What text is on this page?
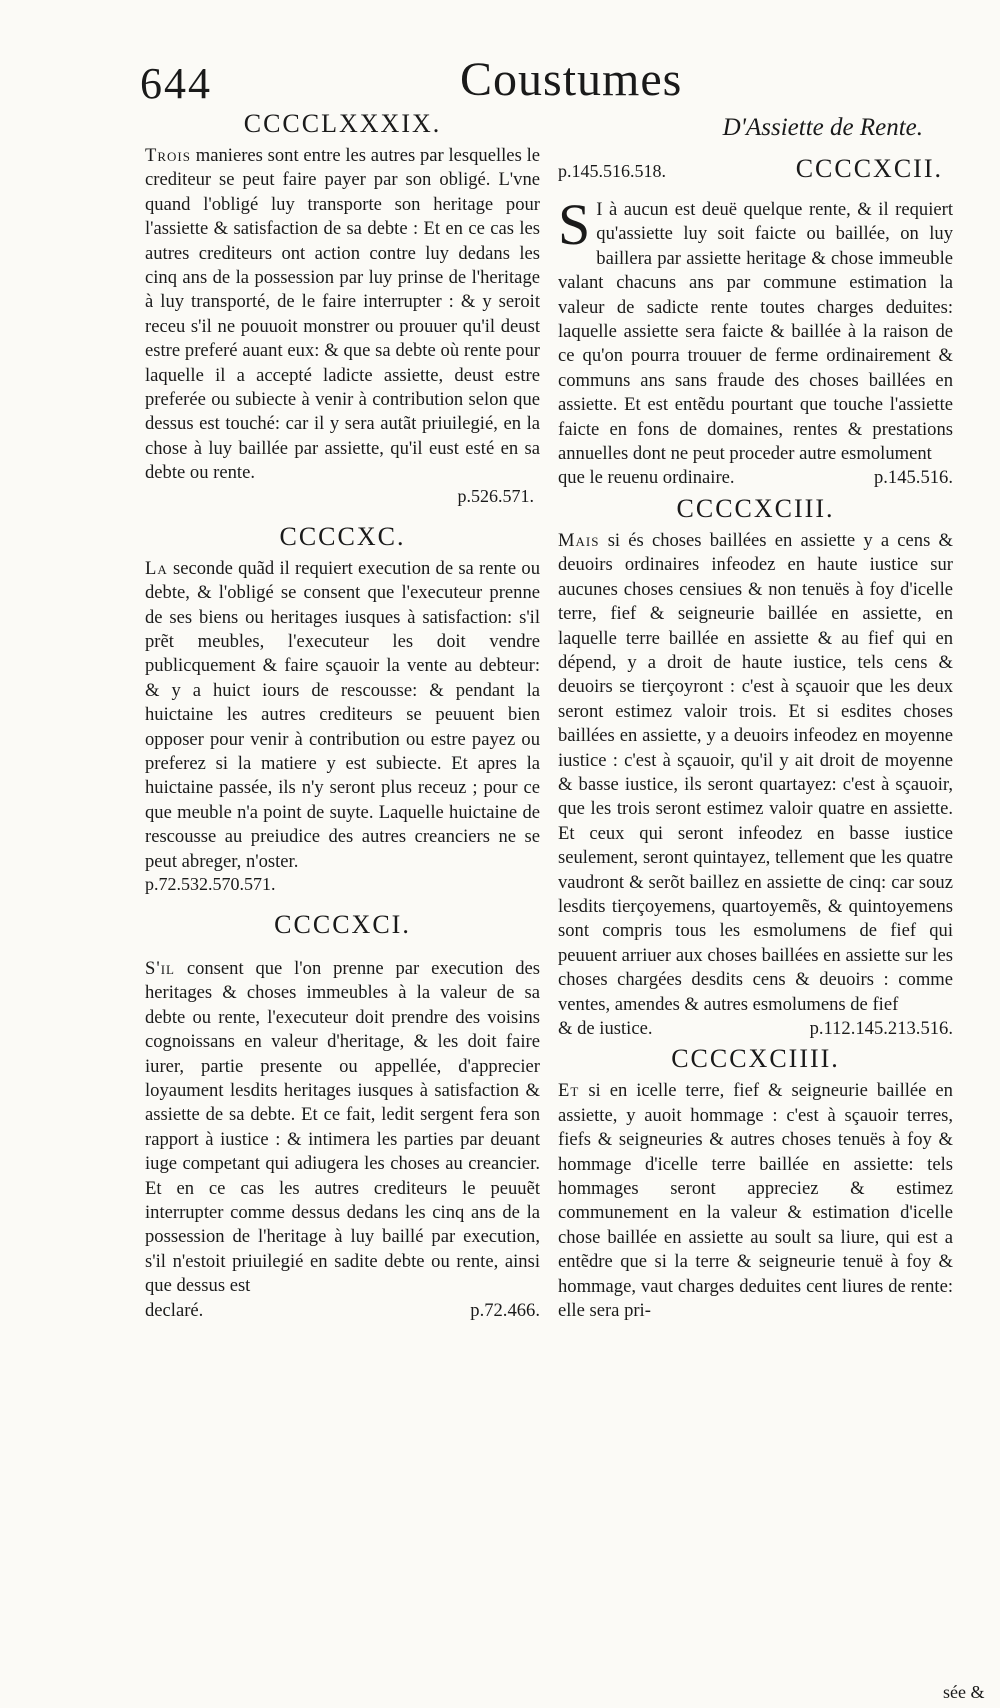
644	Coustumes
CCCCLXXXIX.

Trois manieres sont entre les autres par lesquelles le crediteur se peut faire payer par son obligé. L'vne quand l'obligé luy transporte son heritage pour l'assiette & satisfaction de sa debte : Et en ce cas les autres crediteurs ont action contre luy dedans les cinq ans de la possession par luy prinse de l'heritage à luy transporté, de le faire interrupter : & y seroit receu s'il ne pouuoit monstrer ou prouuer qu'il deust estre preferé auant eux: & que sa debte où rente pour laquelle il a accepté ladicte assiette, deust estre preferée ou subiecte à venir à contribution selon que dessus est touché: car il y sera autãt priuilegié, en la chose à luy baillée par assiette, qu'il eust esté en sa debte ou rente.

p.526.571.
CCCCXC.

La seconde quãd il requiert execution de sa rente ou debte, & l'obligé se consent que l'executeur prenne de ses biens ou heritages iusques à satisfaction: s'il prẽt meubles, l'executeur les doit vendre publicquement & faire sçauoir la vente au debteur: & y a huict iours de rescousse: & pendant la huictaine les autres crediteurs se peuuent bien opposer pour venir à contribution ou estre payez ou preferez si la matiere y est subiecte. Et apres la huictaine passée, ils n'y seront plus receuz ; pour ce que meuble n'a point de suyte. Laquelle huictaine de rescousse au preiudice des autres creanciers ne se peut abreger, n'oster.

p.72.532.570.571.
CCCCXCI.

S'il consent que l'on prenne par execution des heritages & choses immeubles à la valeur de sa debte ou rente, l'executeur doit prendre des voisins cognoissans en valeur d'heritage, & les doit faire iurer, partie presente ou appellée, d'apprecier loyaument lesdits heritages iusques à satisfaction & assiette de sa debte. Et ce fait, ledit sergent fera son rapport à iustice : & intimera les parties par deuant iuge competant qui adiugera les choses au creancier. Et en ce cas les autres crediteurs le peuuẽt interrupter comme dessus dedans les cinq ans de la possession de l'heritage à luy baillé par execution, s'il n'estoit priuilegié en sadite debte ou rente, ainsi que dessus est

declaré.	p.72.466.
D'Assiette de Rente.
p.145.516.518.	CCCCXCII.

S I à aucun est deuë quelque rente, & il requiert qu'assiette luy soit faicte ou baillée, on luy baillera par assiette heritage & chose immeuble valant chacuns ans par commune estimation la valeur de sadicte rente toutes charges deduites: laquelle assiette sera faicte & baillée à la raison de ce qu'on pourra trouuer de ferme ordinairement & communs ans sans fraude des choses baillées en assiette. Et est entẽdu pourtant que touche l'assiette faicte en fons de domaines, rentes & prestations annuelles dont ne peut proceder autre esmolument

que le reuenu ordinaire.	p.145.516.
CCCCXCIII.

Mais si és choses baillées en assiette y a cens & deuoirs ordinaires infeodez en haute iustice sur aucunes choses censiues & non tenuës à foy d'icelle terre, fief & seigneurie baillée en assiette, en laquelle terre baillée en assiette & au fief qui en dépend, y a droit de haute iustice, tels cens & deuoirs se tierçoyront : c'est à sçauoir que les deux seront estimez valoir trois. Et si esdites choses baillées en assiette, y a deuoirs infeodez en moyenne iustice : c'est à sçauoir, qu'il y ait droit de moyenne & basse iustice, ils seront quartayez: c'est à sçauoir, que les trois seront estimez valoir quatre en assiette. Et ceux qui seront infeodez en basse iustice seulement, seront quintayez, tellement que les quatre vaudront & serõt baillez en assiette de cinq: car souz lesdits tierçoyemens, quartoyemẽs, & quintoyemens sont compris tous les esmolumens de fief qui peuuent arriuer aux choses baillées en assiette sur les choses chargées desdits cens & deuoirs : comme ventes, amendes & autres esmolumens de fief

& de iustice.	p.112.145.213.516.
CCCCXCIIII.

Et si en icelle terre, fief & seigneurie baillée en assiette, y auoit hommage : c'est à sçauoir terres, fiefs & seigneuries & autres choses tenuës à foy & hommage d'icelle terre baillée en assiette: tels hommages seront appreciez & estimez communement en la valeur & estimation d'icelle chose baillée en assiette au soult sa liure, qui est a entẽdre que si la terre & seigneurie tenuë à foy & hommage, vaut charges deduites cent liures de rente: elle sera pri-

sée &
